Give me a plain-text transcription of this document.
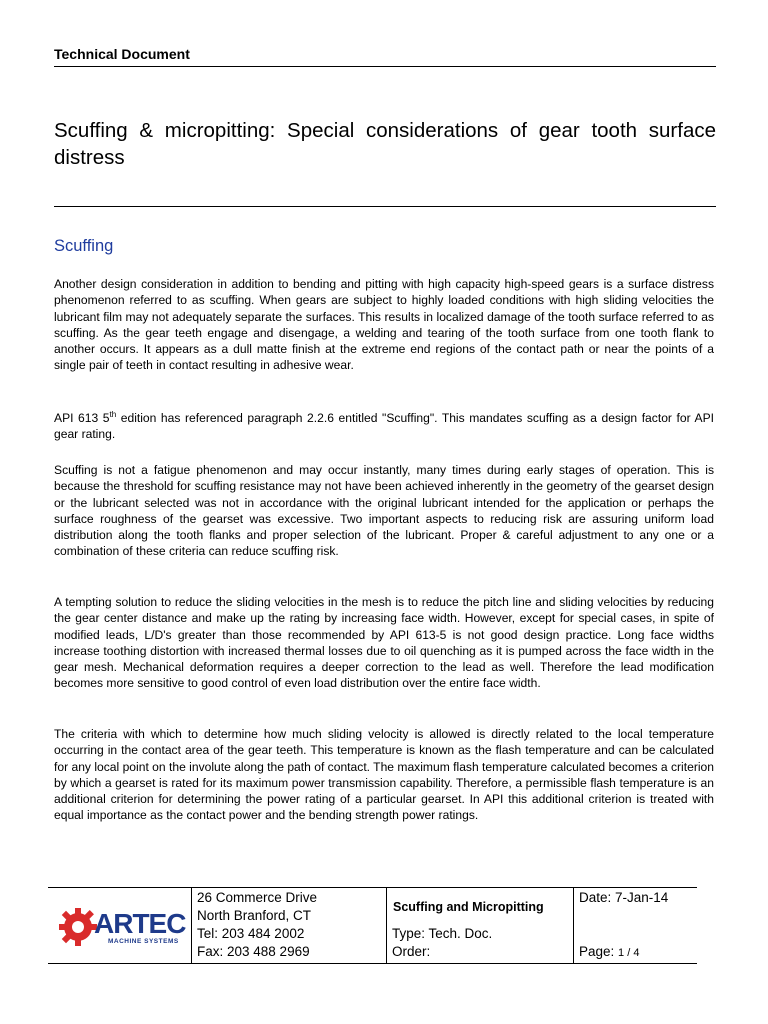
Technical Document
Scuffing & micropitting: Special considerations of gear tooth surface distress
Scuffing

Another design consideration in addition to bending and pitting with high capacity high-speed gears is a surface distress phenomenon referred to as scuffing. When gears are subject to highly loaded conditions with high sliding velocities the lubricant film may not adequately separate the surfaces. This results in localized damage of the tooth surface referred to as scuffing. As the gear teeth engage and disengage, a welding and tearing of the tooth surface from one tooth flank to another occurs. It appears as a dull matte finish at the extreme end regions of the contact path or near the points of a single pair of teeth in contact resulting in adhesive wear.

API 613 5th edition has referenced paragraph 2.2.6 entitled "Scuffing". This mandates scuffing as a design factor for API gear rating.

Scuffing is not a fatigue phenomenon and may occur instantly, many times during early stages of operation. This is because the threshold for scuffing resistance may not have been achieved inherently in the geometry of the gearset design or the lubricant selected was not in accordance with the original lubricant intended for the application or perhaps the surface roughness of the gearset was excessive. Two important aspects to reducing risk are assuring uniform load distribution along the tooth flanks and proper selection of the lubricant. Proper & careful adjustment to any one or a combination of these criteria can reduce scuffing risk.

A tempting solution to reduce the sliding velocities in the mesh is to reduce the pitch line and sliding velocities by reducing the gear center distance and make up the rating by increasing face width. However, except for special cases, in spite of modified leads, L/D's greater than those recommended by API 613-5 is not good design practice. Long face widths increase toothing distortion with increased thermal losses due to oil quenching as it is pumped across the face width in the gear mesh. Mechanical deformation requires a deeper correction to the lead as well. Therefore the lead modification becomes more sensitive to good control of even load distribution over the entire face width.

The criteria with which to determine how much sliding velocity is allowed is directly related to the local temperature occurring in the contact area of the gear teeth. This temperature is known as the flash temperature and can be calculated for any local point on the involute along the path of contact. The maximum flash temperature calculated becomes a criterion by which a gearset is rated for its maximum power transmission capability. Therefore, a permissible flash temperature is an additional criterion for determining the power rating of a particular gearset. In API this additional criterion is treated with equal importance as the contact power and the bending strength power ratings.

ARTEC
MACHINE SYSTEMS
26 Commerce Drive
North Branford, CT
Tel: 203 484 2002
Fax: 203 488 2969
Scuffing and Micropitting
Type: Tech. Doc.
Order:
Date: 7-Jan-14
Page: 1 / 4
